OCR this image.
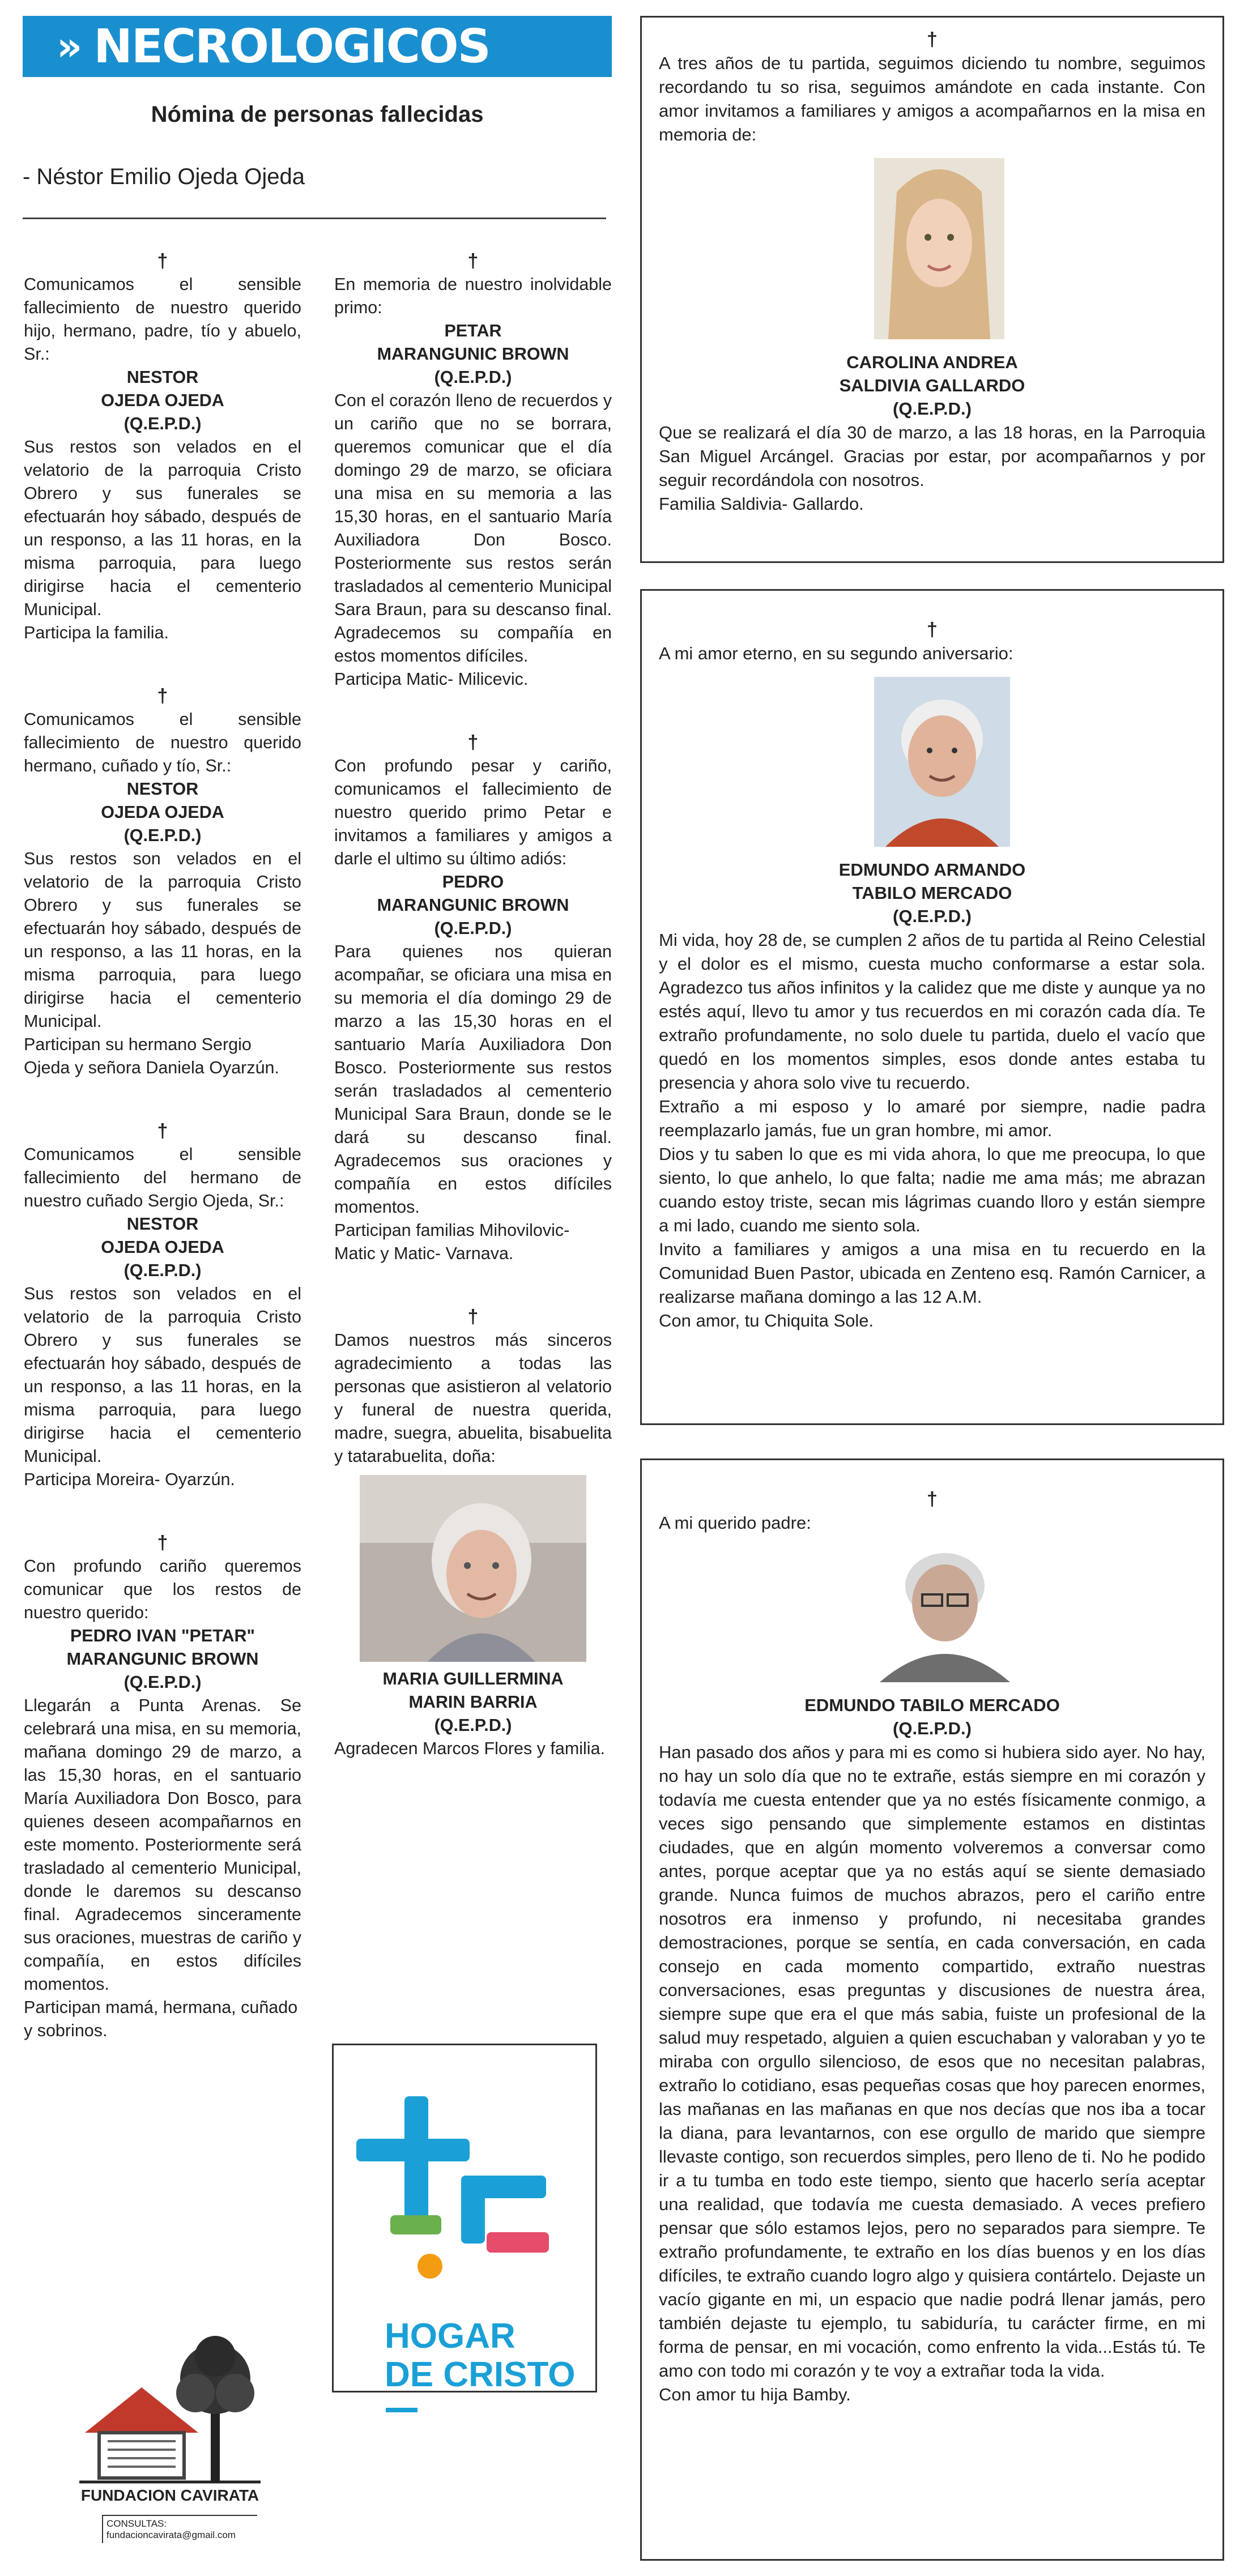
» NECROLOGICOS
Nómina de personas fallecidas
- Néstor Emilio Ojeda Ojeda
†
Comunicamos el sensible fallecimiento de nuestro querido hijo, hermano, padre, tío y abuelo, Sr.:
NESTOR
OJEDA OJEDA
(Q.E.P.D.)
Sus restos son velados en el velatorio de la parroquia Cristo Obrero y sus funerales se efectuarán hoy sábado, después de un responso, a las 11 horas, en la misma parroquia, para luego dirigirse hacia el cementerio Municipal.
Participa la familia.
†
Comunicamos el sensible fallecimiento de nuestro querido hermano, cuñado y tío, Sr.:
NESTOR
OJEDA OJEDA
(Q.E.P.D.)
Sus restos son velados en el velatorio de la parroquia Cristo Obrero y sus funerales se efectuarán hoy sábado, después de un responso, a las 11 horas, en la misma parroquia, para luego dirigirse hacia el cementerio Municipal.
Participan su hermano Sergio Ojeda y señora Daniela Oyarzún.
†
Comunicamos el sensible fallecimiento del hermano de nuestro cuñado Sergio Ojeda, Sr.:
NESTOR
OJEDA OJEDA
(Q.E.P.D.)
Sus restos son velados en el velatorio de la parroquia Cristo Obrero y sus funerales se efectuarán hoy sábado, después de un responso, a las 11 horas, en la misma parroquia, para luego dirigirse hacia el cementerio Municipal.
Participa Moreira- Oyarzún.
†
Con profundo cariño queremos comunicar que los restos de nuestro querido:
PEDRO IVAN "PETAR"
MARANGUNIC BROWN
(Q.E.P.D.)
Llegarán a Punta Arenas. Se celebrará una misa, en su memoria, mañana domingo 29 de marzo, a las 15,30 horas, en el santuario María Auxiliadora Don Bosco, para quienes deseen acompañarnos en este momento. Posteriormente será trasladado al cementerio Municipal, donde le daremos su descanso final. Agradecemos sinceramente sus oraciones, muestras de cariño y compañía, en estos difíciles momentos.
Participan mamá, hermana, cuñado y sobrinos.
FUNDACION CAVIRATA
CONSULTAS:
fundacioncavirata@gmail.com
†
En memoria de nuestro inolvidable primo:
PETAR
MARANGUNIC BROWN
(Q.E.P.D.)
Con el corazón lleno de recuerdos y un cariño que no se borrara, queremos comunicar que el día domingo 29 de marzo, se oficiara una misa en su memoria a las 15,30 horas, en el santuario María Auxiliadora Don Bosco. Posteriormente sus restos serán trasladados al cementerio Municipal Sara Braun, para su descanso final. Agradecemos su compañía en estos momentos difíciles.
Participa Matic- Milicevic.
†
Con profundo pesar y cariño, comunicamos el fallecimiento de nuestro querido primo Petar e invitamos a familiares y amigos a darle el ultimo su último adiós:
PEDRO
MARANGUNIC BROWN
(Q.E.P.D.)
Para quienes nos quieran acompañar, se oficiara una misa en su memoria el día domingo 29 de marzo a las 15,30 horas en el santuario María Auxiliadora Don Bosco. Posteriormente sus restos serán trasladados al cementerio Municipal Sara Braun, donde se le dará su descanso final. Agradecemos sus oraciones y compañía en estos difíciles momentos.
Participan familias Mihovilovic- Matic y Matic- Varnava.
†
Damos nuestros más sinceros agradecimiento a todas las personas que asistieron al velatorio y funeral de nuestra querida, madre, suegra, abuelita, bisabuelita y tatarabuelita, doña:
MARIA GUILLERMINA
MARIN BARRIA
(Q.E.P.D.)
Agradecen Marcos Flores y familia.
HOGAR
DE CRISTO
†
A tres años de tu partida, seguimos diciendo tu nombre, seguimos recordando tu so risa, seguimos amándote en cada instante. Con amor invitamos a familiares y amigos a acompañarnos en la misa en memoria de:
CAROLINA ANDREA
SALDIVIA GALLARDO
(Q.E.P.D.)
Que se realizará el día 30 de marzo, a las 18 horas, en la Parroquia San Miguel Arcángel. Gracias por estar, por acompañarnos y por seguir recordándola con nosotros.
Familia Saldivia- Gallardo.
†
A mi amor eterno, en su segundo aniversario:
EDMUNDO ARMANDO
TABILO MERCADO
(Q.E.P.D.)
Mi vida, hoy 28 de, se cumplen 2 años de tu partida al Reino Celestial y el dolor es el mismo, cuesta mucho conformarse a estar sola. Agradezco tus años infinitos y la calidez que me diste y aunque ya no estés aquí, llevo tu amor y tus recuerdos en mi corazón cada día. Te extraño profundamente, no solo duele tu partida, duelo el vacío que quedó en los momentos simples, esos donde antes estaba tu presencia y ahora solo vive tu recuerdo.
Extraño a mi esposo y lo amaré por siempre, nadie padra reemplazarlo jamás, fue un gran hombre, mi amor.
Dios y tu saben lo que es mi vida ahora, lo que me preocupa, lo que siento, lo que anhelo, lo que falta; nadie me ama más; me abrazan cuando estoy triste, secan mis lágrimas cuando lloro y están siempre a mi lado, cuando me siento sola.
Invito a familiares y amigos a una misa en tu recuerdo en la Comunidad Buen Pastor, ubicada en Zenteno esq. Ramón Carnicer, a realizarse mañana domingo a las 12 A.M.
Con amor, tu Chiquita Sole.
†
A mi querido padre:
EDMUNDO TABILO MERCADO
(Q.E.P.D.)
Han pasado dos años y para mi es como si hubiera sido ayer. No hay, no hay un solo día que no te extrañe, estás siempre en mi corazón y todavía me cuesta entender que ya no estés físicamente conmigo, a veces sigo pensando que simplemente estamos en distintas ciudades, que en algún momento volveremos a conversar como antes, porque aceptar que ya no estás aquí se siente demasiado grande. Nunca fuimos de muchos abrazos, pero el cariño entre nosotros era inmenso y profundo, ni necesitaba grandes demostraciones, porque se sentía, en cada conversación, en cada consejo en cada momento compartido, extraño nuestras conversaciones, esas preguntas y discusiones de nuestra área, siempre supe que era el que más sabia, fuiste un profesional de la salud muy respetado, alguien a quien escuchaban y valoraban y yo te miraba con orgullo silencioso, de esos que no necesitan palabras, extraño lo cotidiano, esas pequeñas cosas que hoy parecen enormes, las mañanas en las mañanas en que nos decías que nos iba a tocar la diana, para levantarnos, con ese orgullo de marido que siempre llevaste contigo, son recuerdos simples, pero lleno de ti. No he podido ir a tu tumba en todo este tiempo, siento que hacerlo sería aceptar una realidad, que todavía me cuesta demasiado. A veces prefiero pensar que sólo estamos lejos, pero no separados para siempre. Te extraño profundamente, te extraño en los días buenos y en los días difíciles, te extraño cuando logro algo y quisiera contártelo. Dejaste un vacío gigante en mi, un espacio que nadie podrá llenar jamás, pero también dejaste tu ejemplo, tu sabiduría, tu carácter firme, en mi forma de pensar, en mi vocación, como enfrento la vida...Estás tú. Te amo con todo mi corazón y te voy a extrañar toda la vida.
Con amor tu hija Bamby.
